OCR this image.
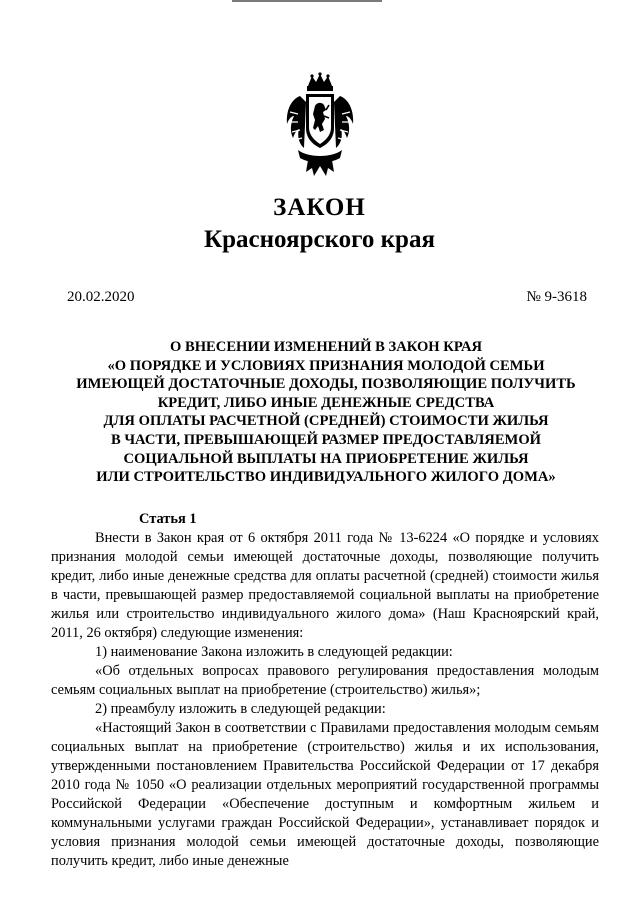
ЗАКОН
Красноярского края
20.02.2020	№ 9-3618
О ВНЕСЕНИИ ИЗМЕНЕНИЙ В ЗАКОН КРАЯ
«О ПОРЯДКЕ И УСЛОВИЯХ ПРИЗНАНИЯ МОЛОДОЙ СЕМЬИ
ИМЕЮЩЕЙ ДОСТАТОЧНЫЕ ДОХОДЫ, ПОЗВОЛЯЮЩИЕ ПОЛУЧИТЬ
КРЕДИТ, ЛИБО ИНЫЕ ДЕНЕЖНЫЕ СРЕДСТВА
ДЛЯ ОПЛАТЫ РАСЧЕТНОЙ (СРЕДНЕЙ) СТОИМОСТИ ЖИЛЬЯ
В ЧАСТИ, ПРЕВЫШАЮЩЕЙ РАЗМЕР ПРЕДОСТАВЛЯЕМОЙ
СОЦИАЛЬНОЙ ВЫПЛАТЫ НА ПРИОБРЕТЕНИЕ ЖИЛЬЯ
ИЛИ СТРОИТЕЛЬСТВО ИНДИВИДУАЛЬНОГО ЖИЛОГО ДОМА»

Статья 1

Внести в Закон края от 6 октября 2011 года № 13-6224 «О порядке и условиях признания молодой семьи имеющей достаточные доходы, позволяющие получить кредит, либо иные денежные средства для оплаты расчетной (средней) стоимости жилья в части, превышающей размер предоставляемой социальной выплаты на приобретение жилья или строительство индивидуального жилого дома» (Наш Красноярский край, 2011, 26 октября) следующие изменения:

1) наименование Закона изложить в следующей редакции:

«Об отдельных вопросах правового регулирования предоставления молодым семьям социальных выплат на приобретение (строительство) жилья»;

2) преамбулу изложить в следующей редакции:

«Настоящий Закон в соответствии с Правилами предоставления молодым семьям социальных выплат на приобретение (строительство) жилья и их использования, утвержденными постановлением Правительства Российской Федерации от 17 декабря 2010 года № 1050 «О реализации отдельных мероприятий государственной программы Российской Федерации «Обеспечение доступным и комфортным жильем и коммунальными услугами граждан Российской Федерации», устанавливает порядок и условия признания молодой семьи имеющей достаточные доходы, позволяющие получить кредит, либо иные денежные
